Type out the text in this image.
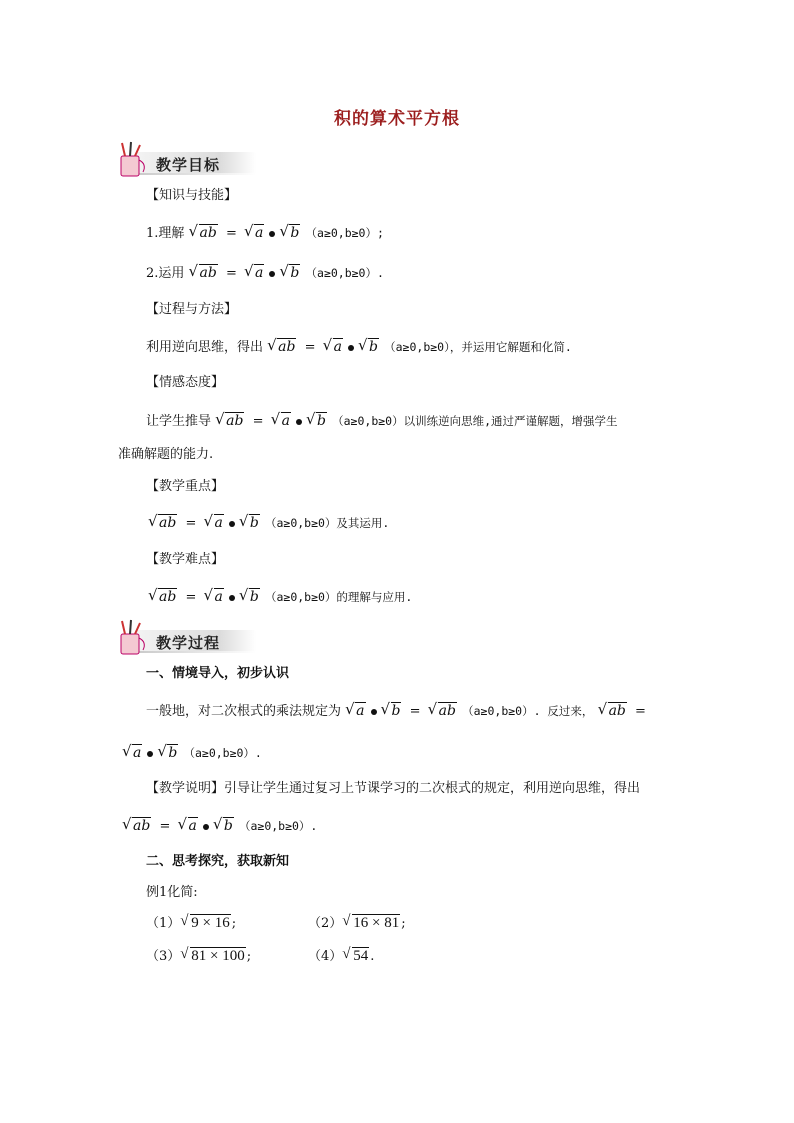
积的算术平方根
教学目标
【知识与技能】
1.理解 √ ab = √ a √ b （a≥0,b≥0）;
2.运用 √ ab = √ a √ b （a≥0,b≥0）.
【过程与方法】
利用逆向思维，得出 √ ab = √ a √ b （a≥0,b≥0），并运用它解题和化简.
【情感态度】
让学生推导 √ ab = √ a √ b （a≥0,b≥0）以训练逆向思维,通过严谨解题，增强学生
准确解题的能力.
【教学重点】
√ ab = √ a √ b （a≥0,b≥0）及其运用.
【教学难点】
√ ab = √ a √ b （a≥0,b≥0）的理解与应用.
教学过程
一、情境导入，初步认识
一般地，对二次根式的乘法规定为 √ a √ b = √ ab （a≥0,b≥0）. 反过来， √ ab =
√ a √ b （a≥0,b≥0）.
【教学说明】引导让学生通过复习上节课学习的二次根式的规定，利用逆向思维，得出
√ ab = √ a √ b （a≥0,b≥0）.
二、思考探究，获取新知
例1化简:
（1） √ 9 × 16 ;	（2） √ 16 × 81 ;
（3） √ 81 × 100 ;	（4） √ 54 .
